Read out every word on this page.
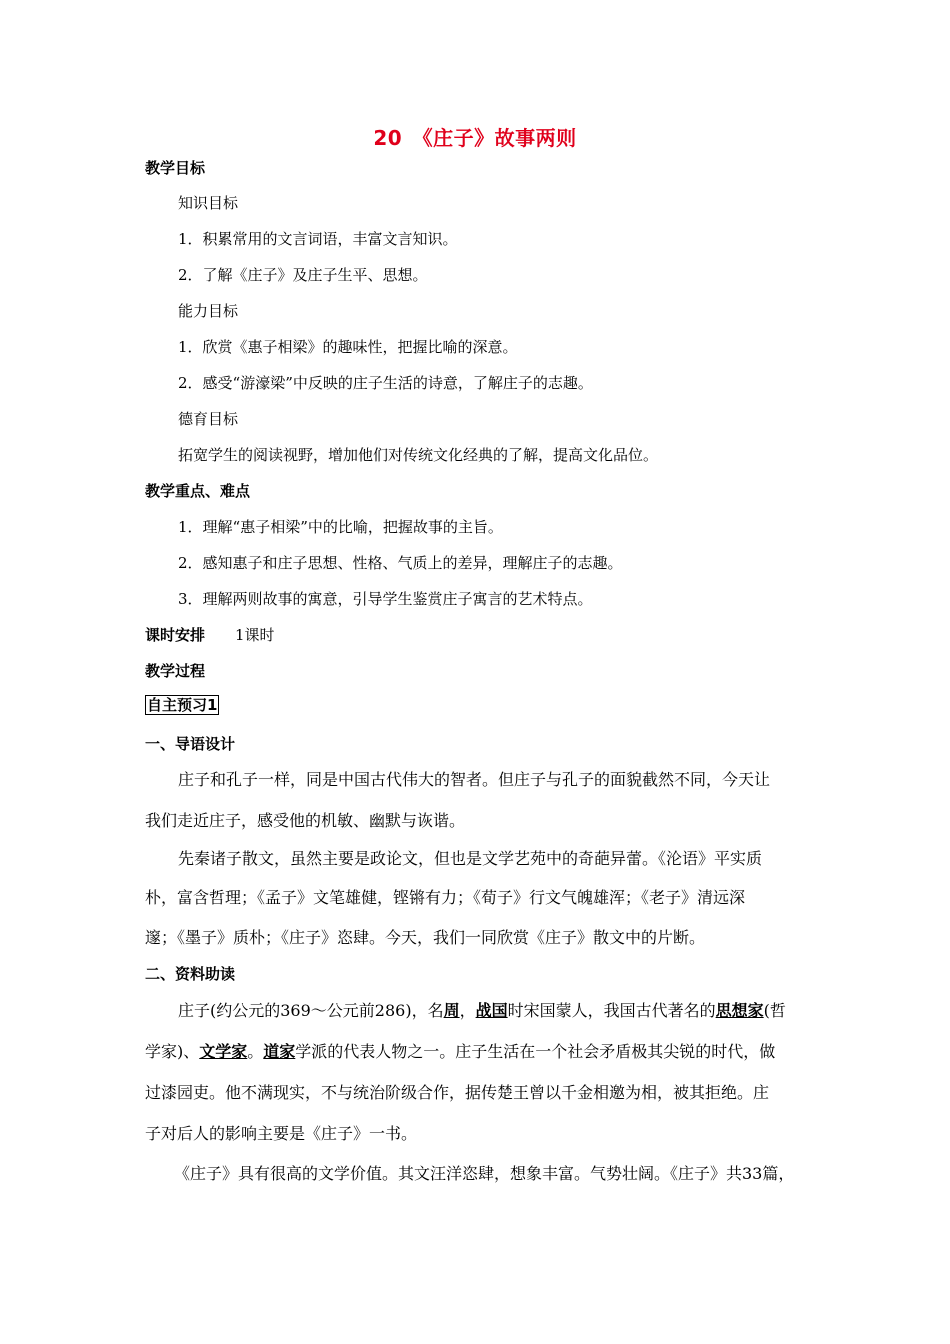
20　《庄子》故事两则
教学目标
知识目标
1．积累常用的文言词语，丰富文言知识。
2．了解《庄子》及庄子生平、思想。
能力目标
1．欣赏《惠子相梁》的趣味性，把握比喻的深意。
2．感受“游濠梁”中反映的庄子生活的诗意，了解庄子的志趣。
德育目标
拓宽学生的阅读视野，增加他们对传统文化经典的了解，提高文化品位。
教学重点、难点
1．理解“惠子相梁”中的比喻，把握故事的主旨。
2．感知惠子和庄子思想、性格、气质上的差异，理解庄子的志趣。
3．理解两则故事的寓意，引导学生鉴赏庄子寓言的艺术特点。
课时安排 1课时
教学过程
自主预习1
一、导语设计
庄子和孔子一样，同是中国古代伟大的智者。但庄子与孔子的面貌截然不同，今天让
我们走近庄子，感受他的机敏、幽默与诙谐。
先秦诸子散文，虽然主要是政论文，但也是文学艺苑中的奇葩异蕾。《沦语》平实质
朴，富含哲理；《孟子》文笔雄健，铿锵有力；《荀子》行文气魄雄浑；《老子》清远深
邃；《墨子》质朴；《庄子》恣肆。今天，我们一同欣赏《庄子》散文中的片断。
二、资料助读
庄子(约公元的369～公元前286)，名周，战国时宋国蒙人，我国古代著名的思想家(哲
学家)、文学家。道家学派的代表人物之一。庄子生活在一个社会矛盾极其尖锐的时代，做
过漆园吏。他不满现实，不与统治阶级合作，据传楚王曾以千金相邀为相，被其拒绝。庄
子对后人的影响主要是《庄子》一书。
《庄子》具有很高的文学价值。其文汪洋恣肆，想象丰富。气势壮阔。《庄子》共33篇，
